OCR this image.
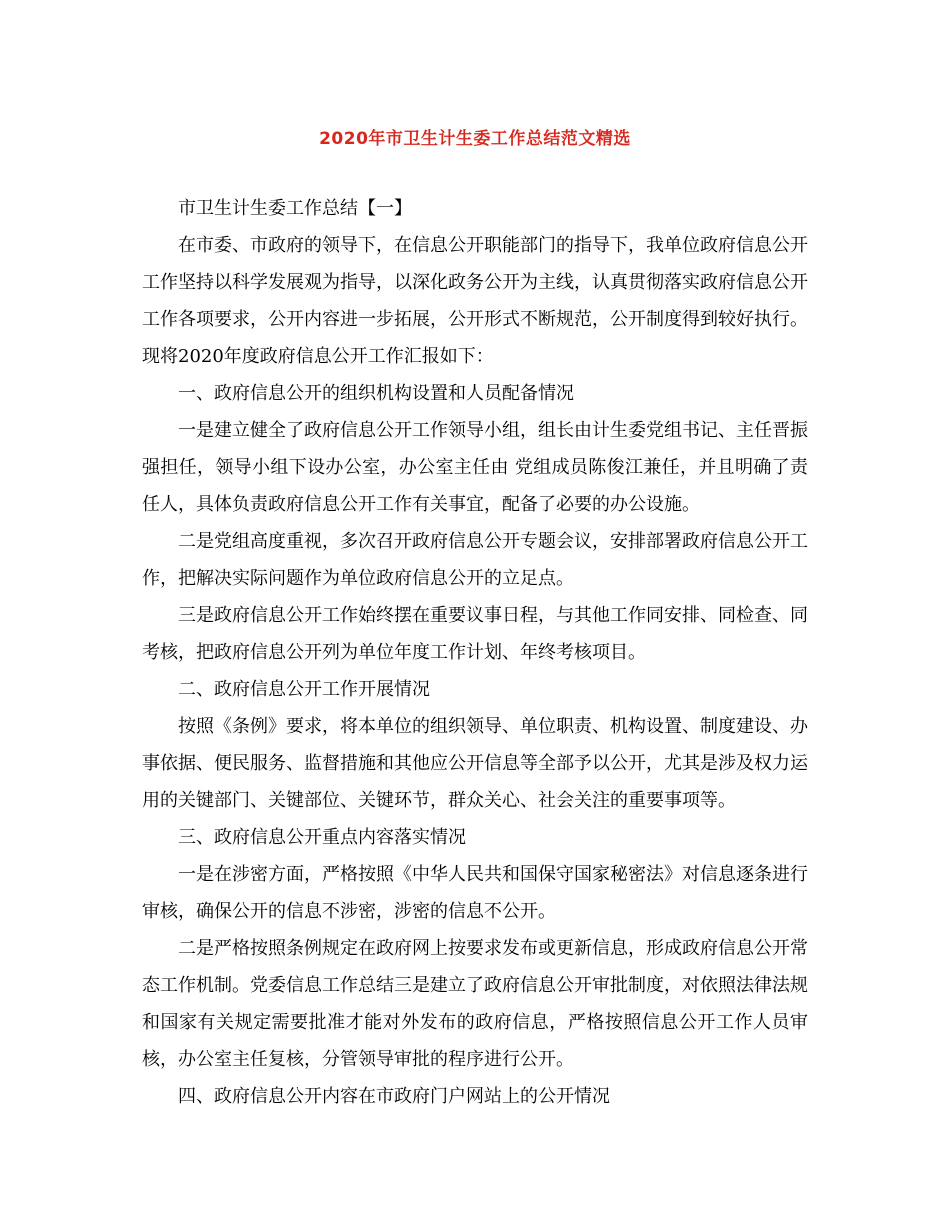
2020年市卫生计生委工作总结范文精选

市卫生计生委工作总结【一】

在市委、市政府的领导下，在信息公开职能部门的指导下，我单位政府信息公开工作坚持以科学发展观为指导，以深化政务公开为主线，认真贯彻落实政府信息公开工作各项要求，公开内容进一步拓展，公开形式不断规范，公开制度得到较好执行。现将2020年度政府信息公开工作汇报如下：

一、政府信息公开的组织机构设置和人员配备情况

一是建立健全了政府信息公开工作领导小组，组长由计生委党组书记、主任晋振强担任，领导小组下设办公室，办公室主任由 党组成员陈俊江兼任，并且明确了责任人，具体负责政府信息公开工作有关事宜，配备了必要的办公设施。

二是党组高度重视，多次召开政府信息公开专题会议，安排部署政府信息公开工作，把解决实际问题作为单位政府信息公开的立足点。

三是政府信息公开工作始终摆在重要议事日程，与其他工作同安排、同检查、同考核，把政府信息公开列为单位年度工作计划、年终考核项目。

二、政府信息公开工作开展情况

按照《条例》要求，将本单位的组织领导、单位职责、机构设置、制度建设、办事依据、便民服务、监督措施和其他应公开信息等全部予以公开，尤其是涉及权力运用的关键部门、关键部位、关键环节，群众关心、社会关注的重要事项等。

三、政府信息公开重点内容落实情况

一是在涉密方面，严格按照《中华人民共和国保守国家秘密法》对信息逐条进行审核，确保公开的信息不涉密，涉密的信息不公开。

二是严格按照条例规定在政府网上按要求发布或更新信息，形成政府信息公开常态工作机制。党委信息工作总结三是建立了政府信息公开审批制度，对依照法律法规和国家有关规定需要批准才能对外发布的政府信息，严格按照信息公开工作人员审核，办公室主任复核，分管领导审批的程序进行公开。

四、政府信息公开内容在市政府门户网站上的公开情况
